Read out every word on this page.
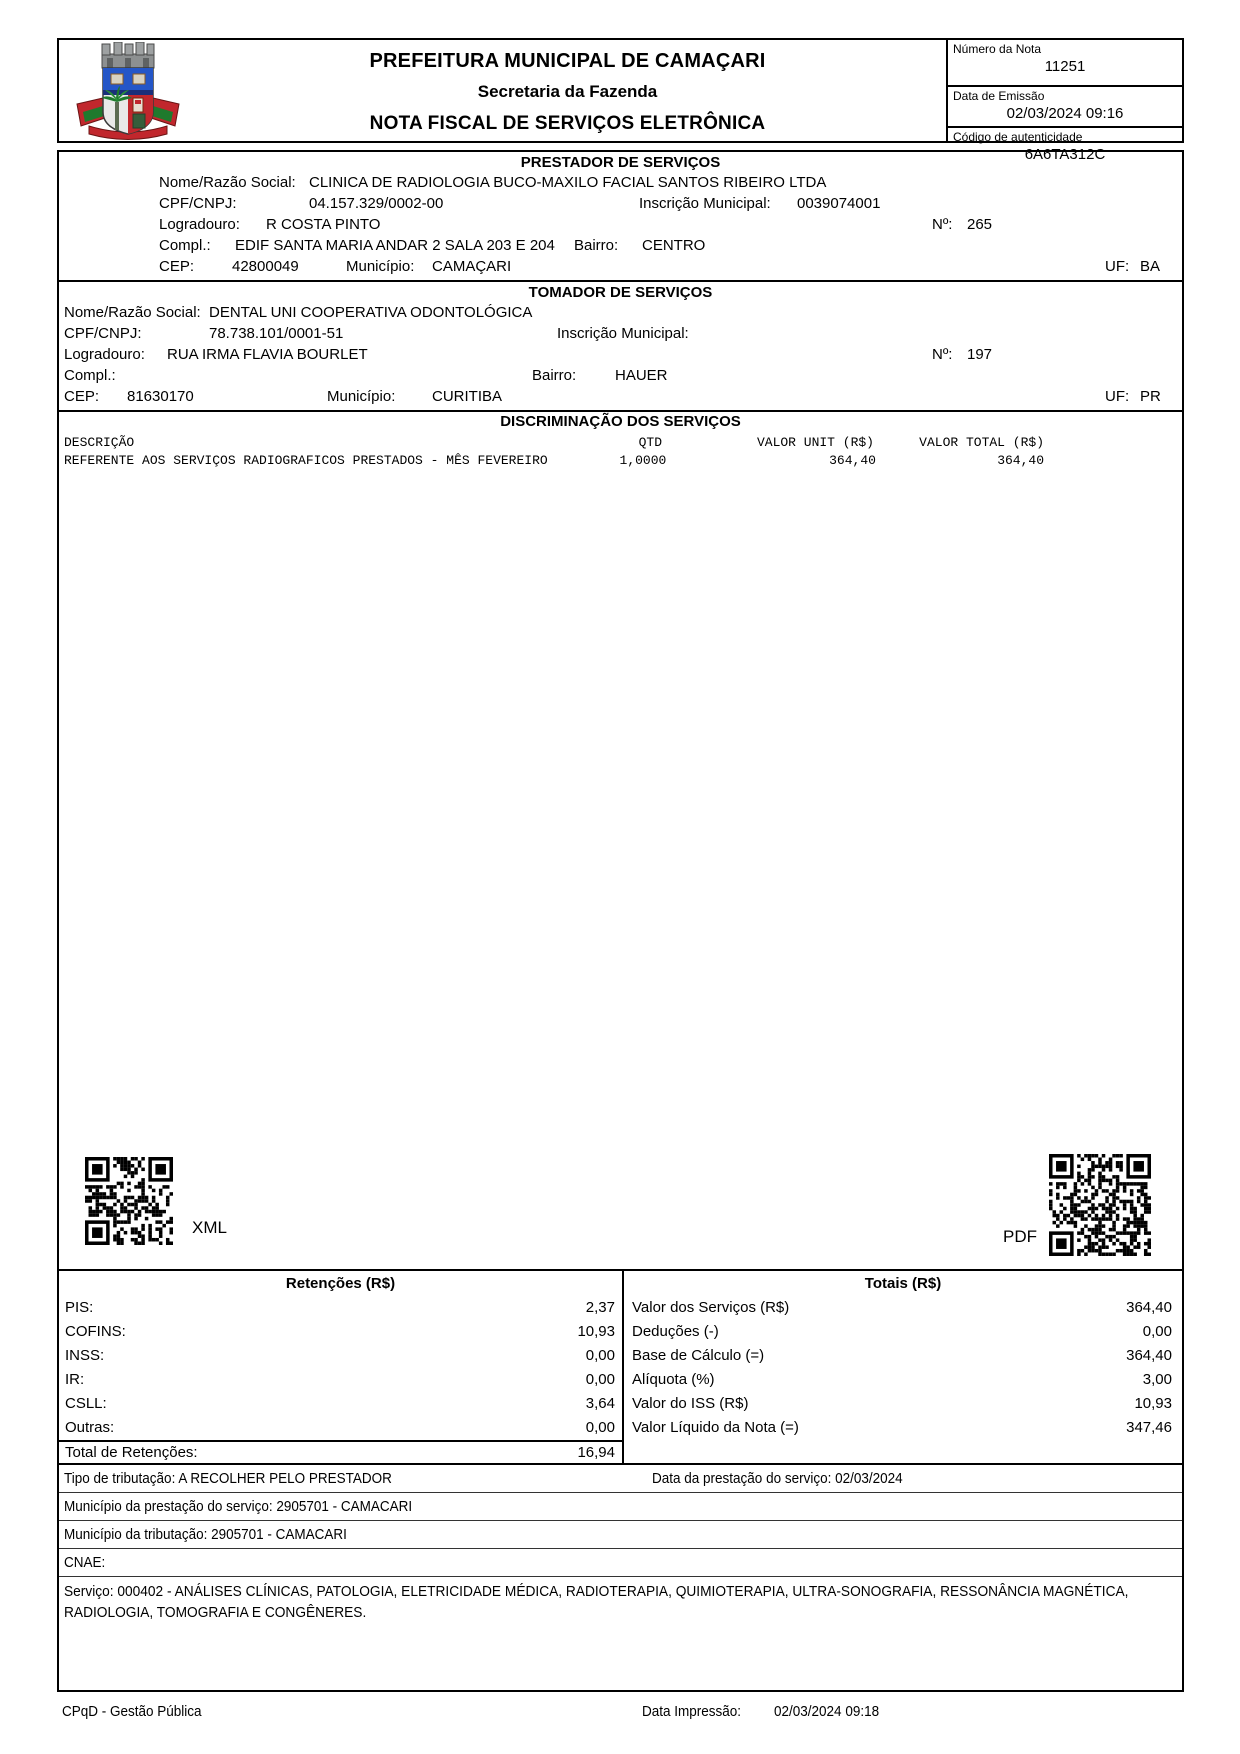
PREFEITURA MUNICIPAL DE CAMAÇARI
Secretaria da Fazenda
NOTA FISCAL DE SERVIÇOS ELETRÔNICA
Número da Nota
11251
Data de Emissão
02/03/2024 09:16
Código de autenticidade
6A6TA312C
PRESTADOR DE SERVIÇOS
Nome/Razão Social: CLINICA DE RADIOLOGIA BUCO-MAXILO FACIAL SANTOS RIBEIRO LTDA
CPF/CNPJ:	04.157.329/0002-00	Inscrição Municipal: 0039074001
Logradouro: R COSTA PINTO	Nº: 265
Compl.: EDIF SANTA MARIA ANDAR 2 SALA 203 E 204 Bairro: CENTRO
CEP:	42800049	Município: CAMAÇARI	UF: BA
TOMADOR DE SERVIÇOS
Nome/Razão Social: DENTAL UNI COOPERATIVA ODONTOLÓGICA
CPF/CNPJ:	78.738.101/0001-51	Inscrição Municipal:
Logradouro: RUA IRMA FLAVIA BOURLET	Nº: 197
Compl.:	Bairro:	HAUER
CEP: 81630170	Município: CURITIBA	UF: PR
DISCRIMINAÇÃO DOS SERVIÇOS
DESCRIÇÃO	QTD	VALOR UNIT (R$)	VALOR TOTAL (R$)
REFERENTE AOS SERVIÇOS RADIOGRAFICOS PRESTADOS - MÊS FEVEREIRO	1,0000	364,40	364,40
XML	PDF
Retenções (R$)
PIS:	2,37
COFINS:	10,93
INSS:	0,00
IR:	0,00
CSLL:	3,64
Outras:	0,00
Total de Retenções:	16,94
Totais (R$)
Valor dos Serviços (R$)	364,40
Deduções (-)	0,00
Base de Cálculo (=)	364,40
Alíquota (%)	3,00
Valor do ISS (R$)	10,93
Valor Líquido da Nota (=)	347,46
Tipo de tributação: A RECOLHER PELO PRESTADOR	Data da prestação do serviço: 02/03/2024
Município da prestação do serviço: 2905701 - CAMACARI
Município da tributação: 2905701 - CAMACARI
CNAE:
Serviço: 000402 - ANÁLISES CLÍNICAS, PATOLOGIA, ELETRICIDADE MÉDICA, RADIOTERAPIA, QUIMIOTERAPIA, ULTRA-SONOGRAFIA, RESSONÂNCIA MAGNÉTICA, RADIOLOGIA, TOMOGRAFIA E CONGÊNERES.
CPqD - Gestão Pública	Data Impressão: 02/03/2024 09:18
